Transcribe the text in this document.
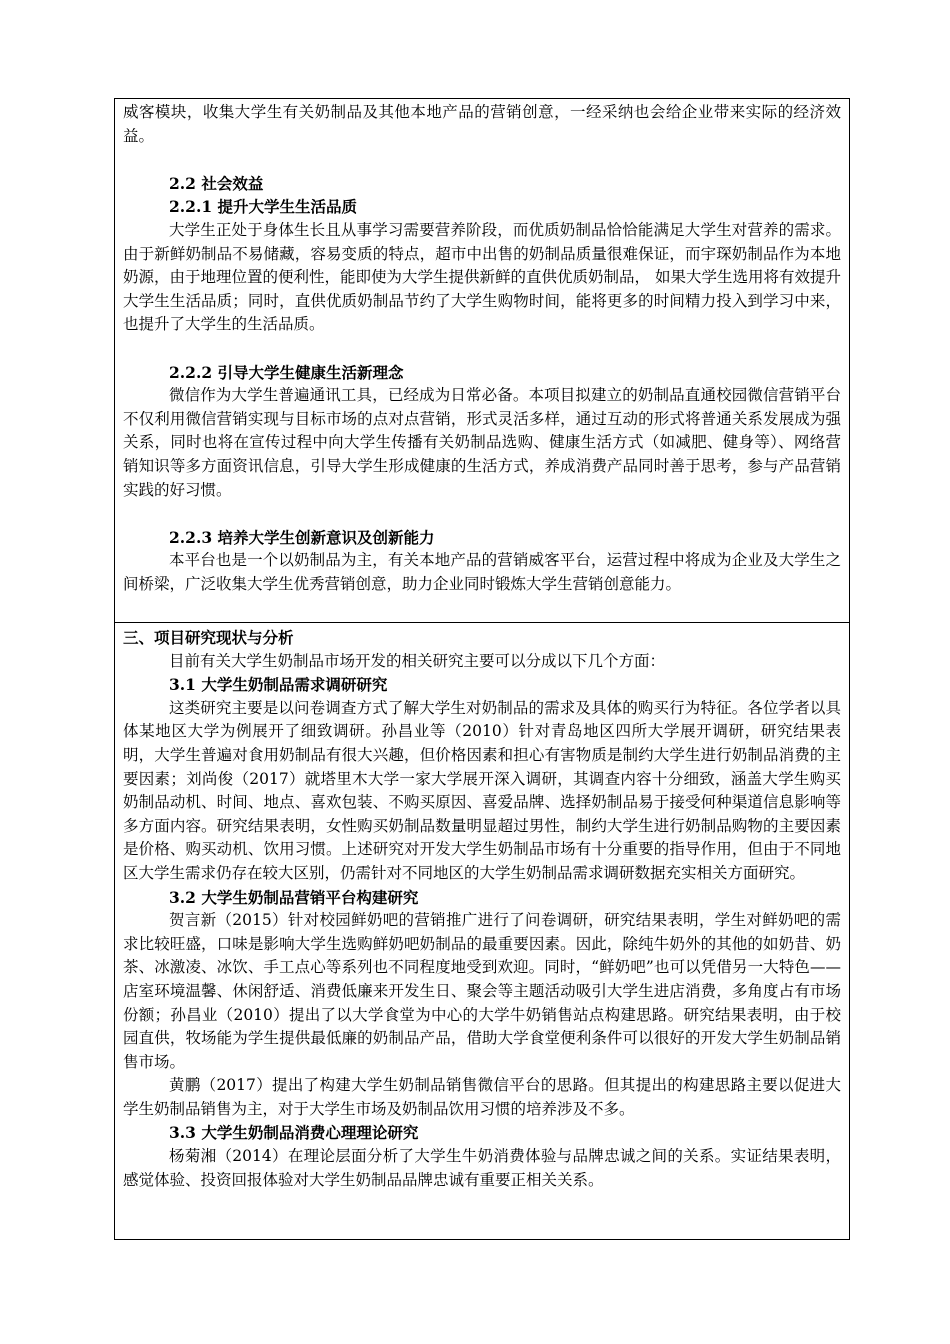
威客模块，收集大学生有关奶制品及其他本地产品的营销创意，一经采纳也会给企业带来实际的经济效益。

2.2 社会效益

2.2.1 提升大学生生活品质

大学生正处于身体生长且从事学习需要营养阶段，而优质奶制品恰恰能满足大学生对营养的需求。由于新鲜奶制品不易储藏，容易变质的特点，超市中出售的奶制品质量很难保证，而宇琛奶制品作为本地奶源，由于地理位置的便利性，能即使为大学生提供新鲜的直供优质奶制品， 如果大学生选用将有效提升大学生生活品质；同时，直供优质奶制品节约了大学生购物时间，能将更多的时间精力投入到学习中来，也提升了大学生的生活品质。

2.2.2 引导大学生健康生活新理念

微信作为大学生普遍通讯工具，已经成为日常必备。本项目拟建立的奶制品直通校园微信营销平台不仅利用微信营销实现与目标市场的点对点营销，形式灵活多样，通过互动的形式将普通关系发展成为强关系，同时也将在宣传过程中向大学生传播有关奶制品选购、健康生活方式（如减肥、健身等）、网络营销知识等多方面资讯信息，引导大学生形成健康的生活方式，养成消费产品同时善于思考，参与产品营销实践的好习惯。

2.2.3 培养大学生创新意识及创新能力

本平台也是一个以奶制品为主，有关本地产品的营销威客平台，运营过程中将成为企业及大学生之间桥梁，广泛收集大学生优秀营销创意，助力企业同时锻炼大学生营销创意能力。

三、项目研究现状与分析

目前有关大学生奶制品市场开发的相关研究主要可以分成以下几个方面：

3.1 大学生奶制品需求调研研究

这类研究主要是以问卷调查方式了解大学生对奶制品的需求及具体的购买行为特征。各位学者以具体某地区大学为例展开了细致调研。孙昌业等（2010）针对青岛地区四所大学展开调研，研究结果表明，大学生普遍对食用奶制品有很大兴趣，但价格因素和担心有害物质是制约大学生进行奶制品消费的主要因素；刘尚俊（2017）就塔里木大学一家大学展开深入调研，其调查内容十分细致，涵盖大学生购买奶制品动机、时间、地点、喜欢包装、不购买原因、喜爱品牌、选择奶制品易于接受何种渠道信息影响等多方面内容。研究结果表明，女性购买奶制品数量明显超过男性，制约大学生进行奶制品购物的主要因素是价格、购买动机、饮用习惯。上述研究对开发大学生奶制品市场有十分重要的指导作用，但由于不同地区大学生需求仍存在较大区别，仍需针对不同地区的大学生奶制品需求调研数据充实相关方面研究。

3.2 大学生奶制品营销平台构建研究

贺言新（2015）针对校园鲜奶吧的营销推广进行了问卷调研，研究结果表明，学生对鲜奶吧的需求比较旺盛，口味是影响大学生选购鲜奶吧奶制品的最重要因素。因此，除纯牛奶外的其他的如奶昔、奶茶、冰激凌、冰饮、手工点心等系列也不同程度地受到欢迎。同时，“鲜奶吧”也可以凭借另一大特色——店室环境温馨、休闲舒适、消费低廉来开发生日、聚会等主题活动吸引大学生进店消费，多角度占有市场份额；孙昌业（2010）提出了以大学食堂为中心的大学牛奶销售站点构建思路。研究结果表明，由于校园直供，牧场能为学生提供最低廉的奶制品产品，借助大学食堂便利条件可以很好的开发大学生奶制品销售市场。

黄鹏（2017）提出了构建大学生奶制品销售微信平台的思路。但其提出的构建思路主要以促进大学生奶制品销售为主，对于大学生市场及奶制品饮用习惯的培养涉及不多。

3.3 大学生奶制品消费心理理论研究

杨菊湘（2014）在理论层面分析了大学生牛奶消费体验与品牌忠诚之间的关系。实证结果表明，感觉体验、投资回报体验对大学生奶制品品牌忠诚有重要正相关关系。
